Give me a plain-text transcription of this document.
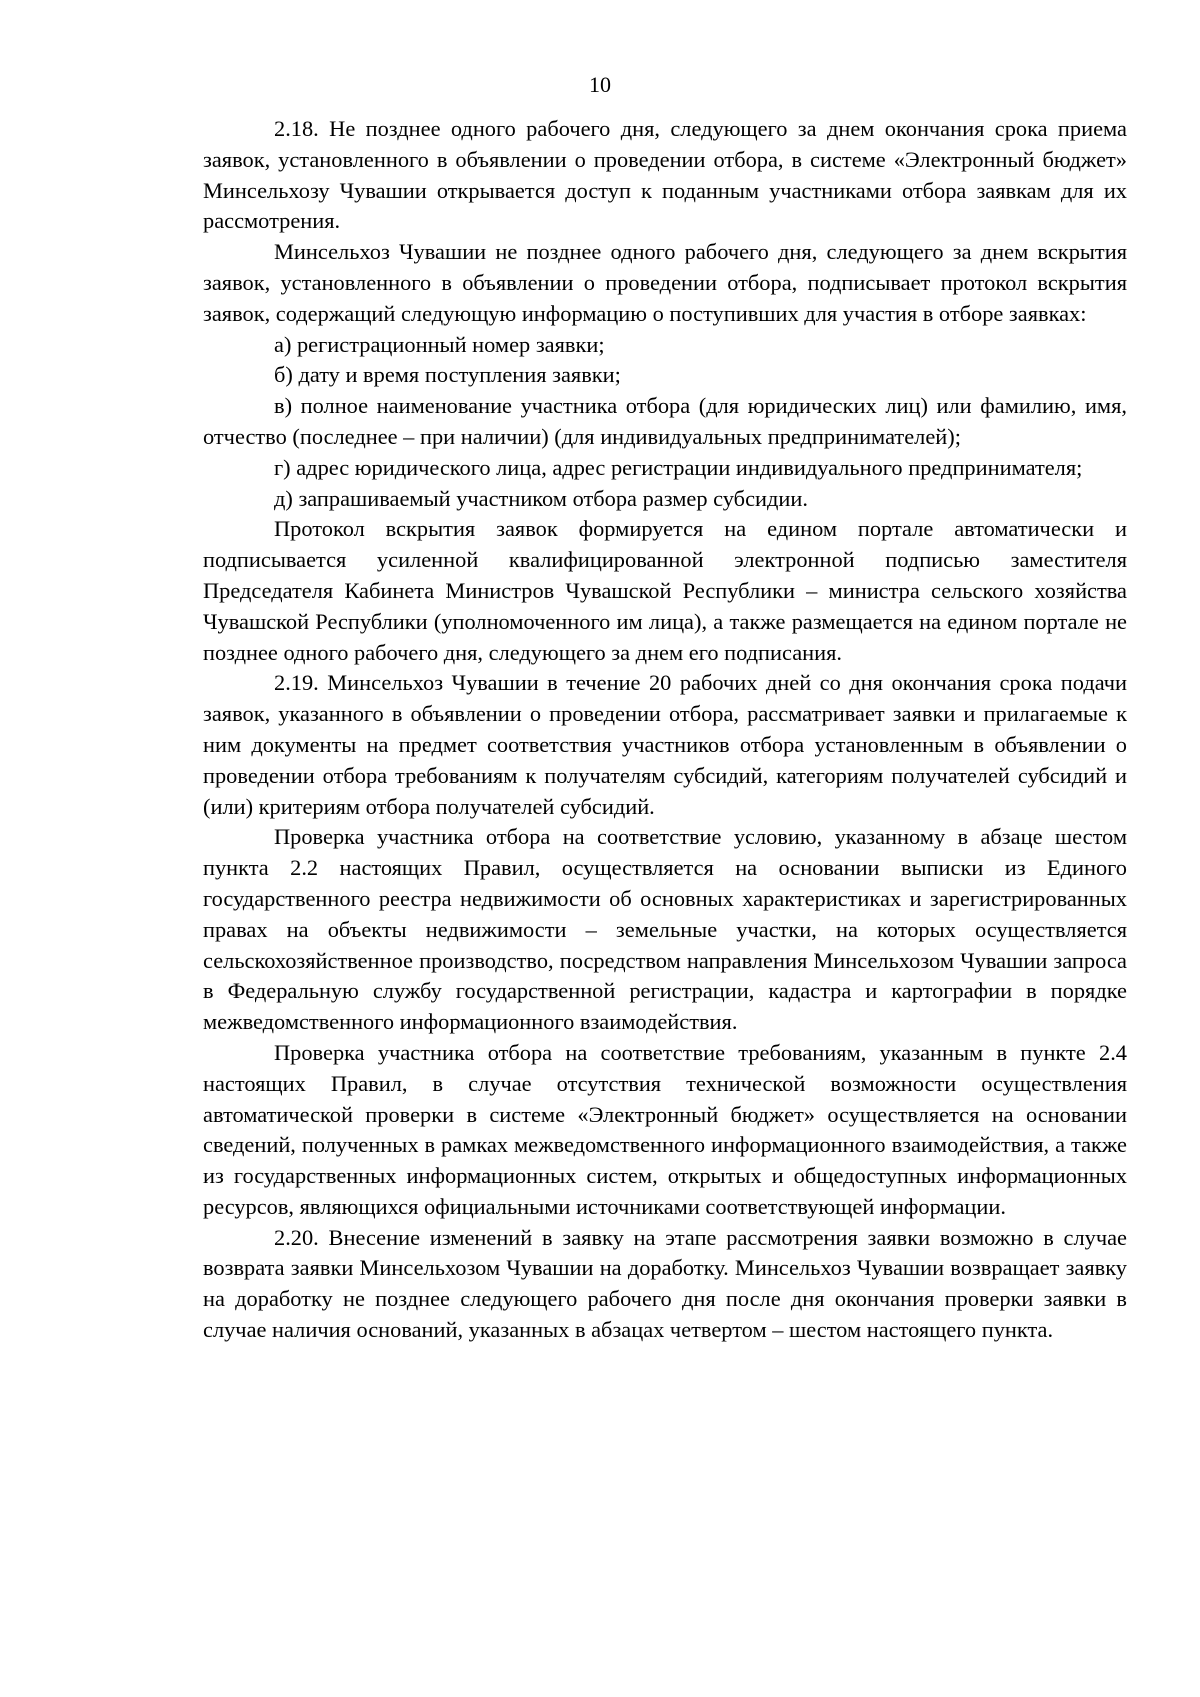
10

2.18. Не позднее одного рабочего дня, следующего за днем окончания срока приема заявок, установленного в объявлении о проведении отбора, в системе «Электронный бюджет» Минсельхозу Чувашии открывается доступ к поданным участниками отбора заявкам для их рассмотрения.

Минсельхоз Чувашии не позднее одного рабочего дня, следующего за днем вскрытия заявок, установленного в объявлении о проведении отбора, подписывает протокол вскрытия заявок, содержащий следующую информацию о поступивших для участия в отборе заявках:

а) регистрационный номер заявки;

б) дату и время поступления заявки;

в) полное наименование участника отбора (для юридических лиц) или фамилию, имя, отчество (последнее – при наличии) (для индивидуальных предпринимателей);

г) адрес юридического лица, адрес регистрации индивидуального предпринимателя;

д) запрашиваемый участником отбора размер субсидии.

Протокол вскрытия заявок формируется на едином портале автоматически и подписывается усиленной квалифицированной электронной подписью заместителя Председателя Кабинета Министров Чувашской Республики – министра сельского хозяйства Чувашской Республики (уполномоченного им лица), а также размещается на едином портале не позднее одного рабочего дня, следующего за днем его подписания.

2.19. Минсельхоз Чувашии в течение 20 рабочих дней со дня окончания срока подачи заявок, указанного в объявлении о проведении отбора, рассматривает заявки и прилагаемые к ним документы на предмет соответствия участников отбора установленным в объявлении о проведении отбора требованиям к получателям субсидий, категориям получателей субсидий и (или) критериям отбора получателей субсидий.

Проверка участника отбора на соответствие условию, указанному в абзаце шестом пункта 2.2 настоящих Правил, осуществляется на основании выписки из Единого государственного реестра недвижимости об основных характеристиках и зарегистрированных правах на объекты недвижимости – земельные участки, на которых осуществляется сельскохозяйственное производство, посредством направления Минсельхозом Чувашии запроса в Федеральную службу государственной регистрации, кадастра и картографии в порядке межведомственного информационного взаимодействия.

Проверка участника отбора на соответствие требованиям, указанным в пункте 2.4 настоящих Правил, в случае отсутствия технической возможности осуществления автоматической проверки в системе «Электронный бюджет» осуществляется на основании сведений, полученных в рамках межведомственного информационного взаимодействия, а также из государственных информационных систем, открытых и общедоступных информационных ресурсов, являющихся официальными источниками соответствующей информации.

2.20. Внесение изменений в заявку на этапе рассмотрения заявки возможно в случае возврата заявки Минсельхозом Чувашии на доработку. Минсельхоз Чувашии возвращает заявку на доработку не позднее следующего рабочего дня после дня окончания проверки заявки в случае наличия оснований, указанных в абзацах четвертом – шестом настоящего пункта.
